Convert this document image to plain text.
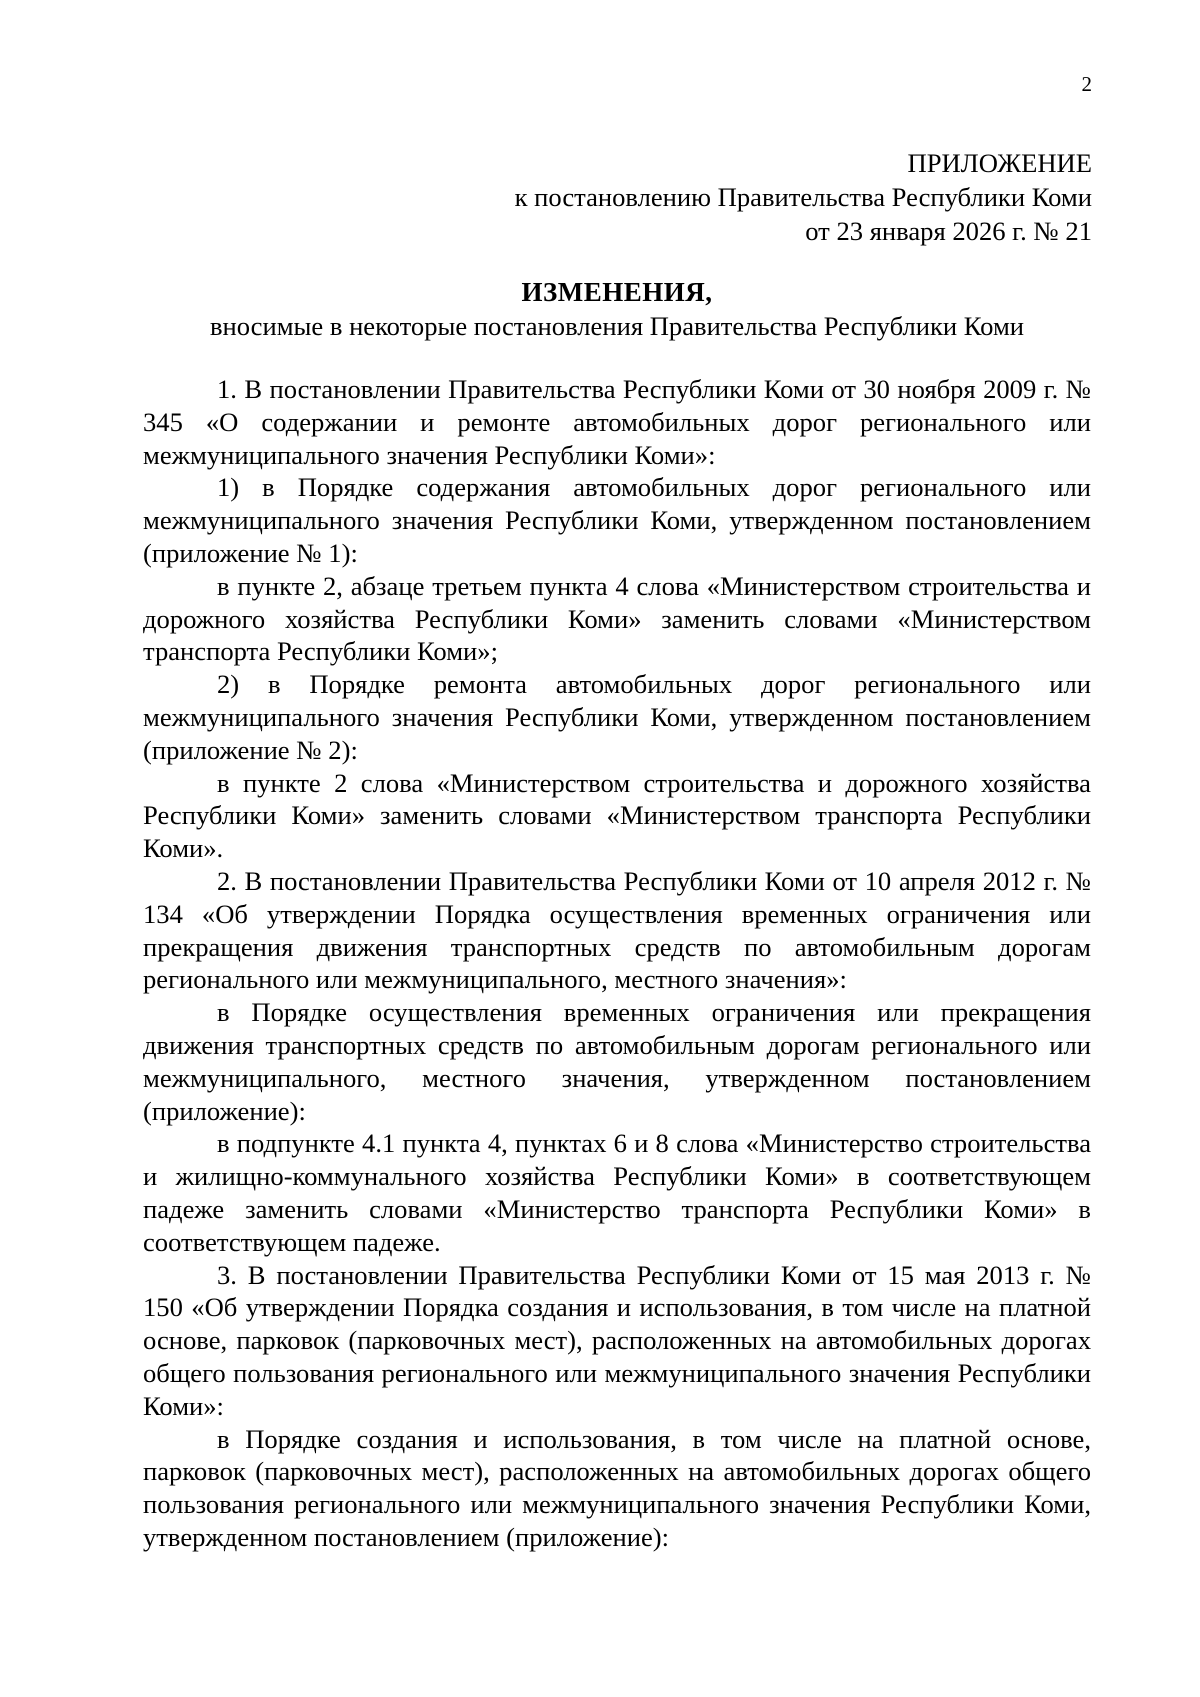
2
ПРИЛОЖЕНИЕ
к постановлению Правительства Республики Коми
от 23 января 2026 г. № 21
ИЗМЕНЕНИЯ,
вносимые в некоторые постановления Правительства Республики Коми

1. В постановлении Правительства Республики Коми от 30 ноября 2009 г. № 345 «О содержании и ремонте автомобильных дорог регионального или межмуниципального значения Республики Коми»:

1) в Порядке содержания автомобильных дорог регионального или межмуниципального значения Республики Коми, утвержденном постановлением (приложение № 1):

в пункте 2, абзаце третьем пункта 4 слова «Министерством строительства и дорожного хозяйства Республики Коми» заменить словами «Министерством транспорта Республики Коми»;

2) в Порядке ремонта автомобильных дорог регионального или межмуниципального значения Республики Коми, утвержденном постановлением (приложение № 2):

в пункте 2 слова «Министерством строительства и дорожного хозяйства Республики Коми» заменить словами «Министерством транспорта Республики Коми».

2. В постановлении Правительства Республики Коми от 10 апреля 2012 г. № 134 «Об утверждении Порядка осуществления временных ограничения или прекращения движения транспортных средств по автомобильным дорогам регионального или межмуниципального, местного значения»:

в Порядке осуществления временных ограничения или прекращения движения транспортных средств по автомобильным дорогам регионального или межмуниципального, местного значения, утвержденном постановлением (приложение):

в подпункте 4.1 пункта 4, пунктах 6 и 8 слова «Министерство строительства и жилищно-коммунального хозяйства Республики Коми» в соответствующем падеже заменить словами «Министерство транспорта Республики Коми» в соответствующем падеже.

3. В постановлении Правительства Республики Коми от 15 мая 2013 г. № 150 «Об утверждении Порядка создания и использования, в том числе на платной основе, парковок (парковочных мест), расположенных на автомобильных дорогах общего пользования регионального или межмуниципального значения Республики Коми»:

в Порядке создания и использования, в том числе на платной основе, парковок (парковочных мест), расположенных на автомобильных дорогах общего пользования регионального или межмуниципального значения Республики Коми, утвержденном постановлением (приложение):
